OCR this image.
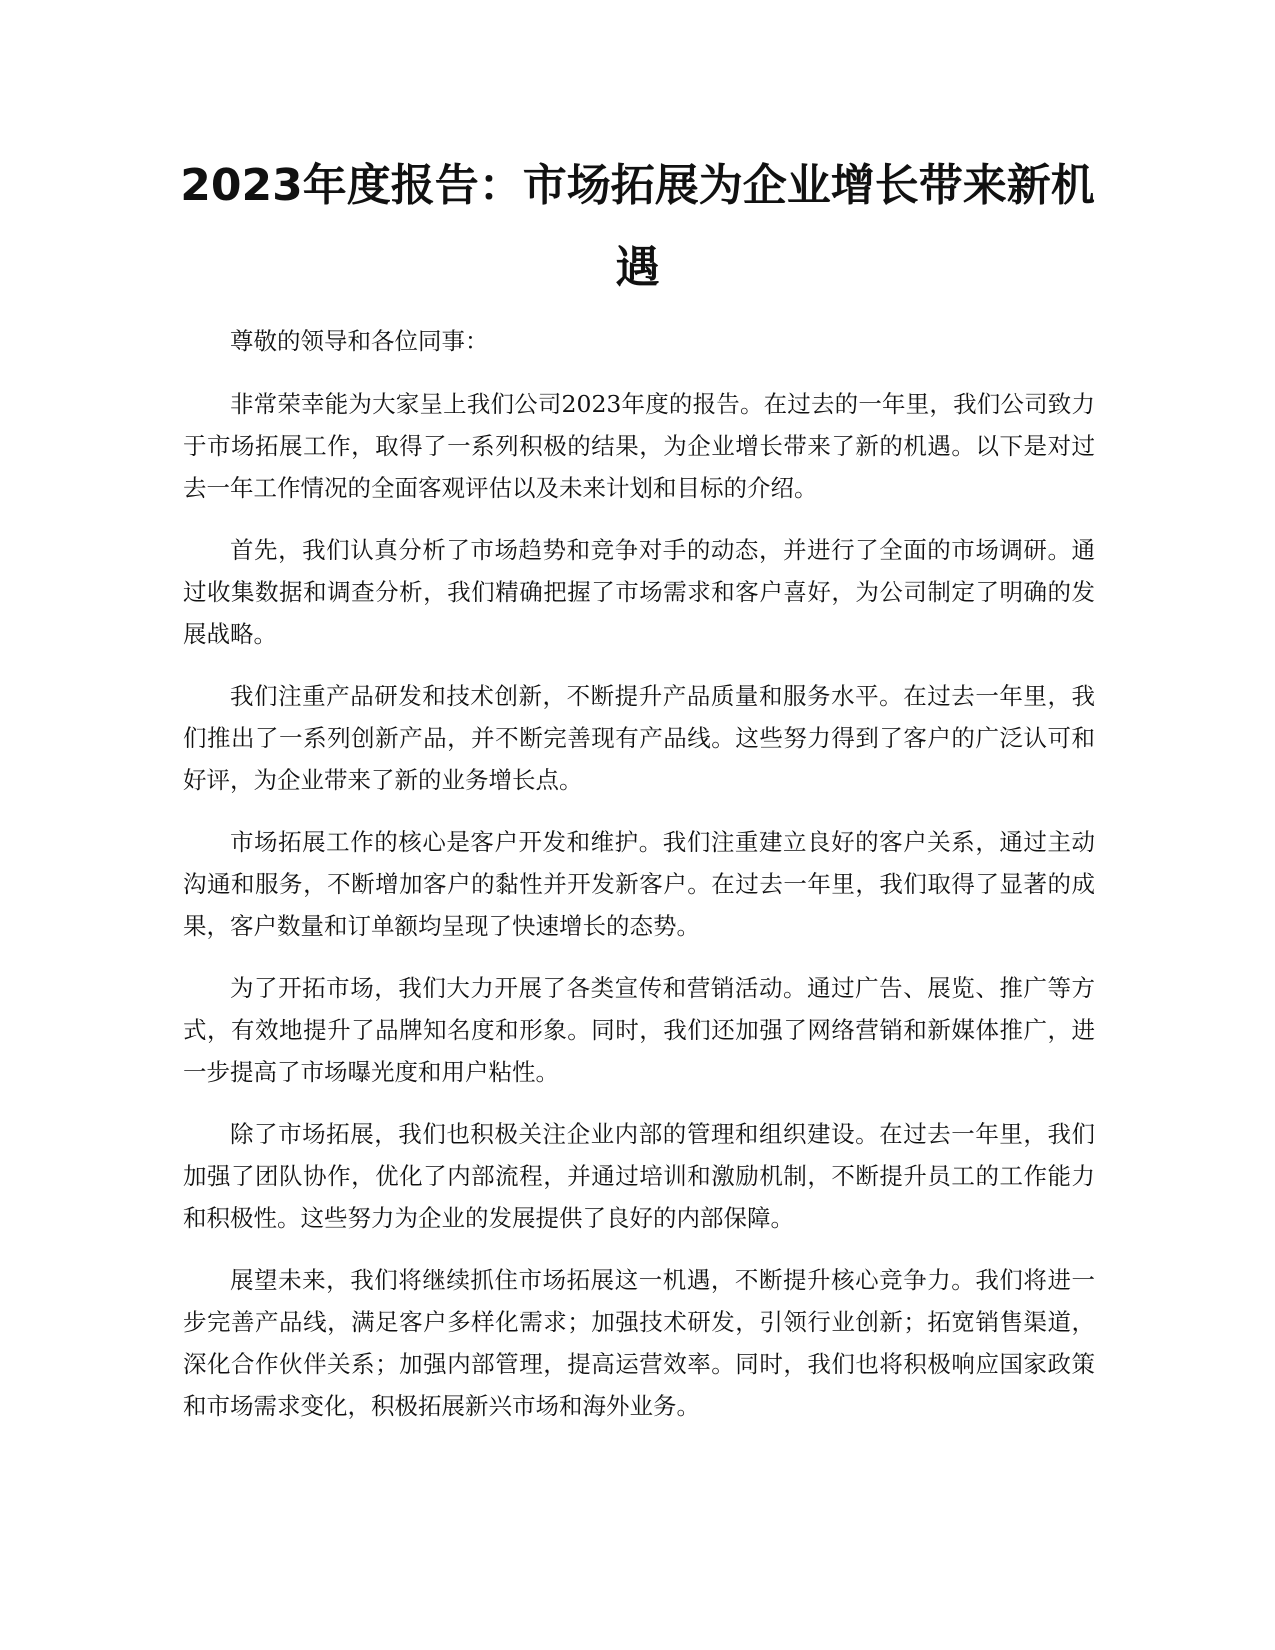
2023年度报告：市场拓展为企业增长带来新机遇

尊敬的领导和各位同事：

非常荣幸能为大家呈上我们公司2023年度的报告。在过去的一年里，我们公司致力于市场拓展工作，取得了一系列积极的结果，为企业增长带来了新的机遇。以下是对过去一年工作情况的全面客观评估以及未来计划和目标的介绍。

首先，我们认真分析了市场趋势和竞争对手的动态，并进行了全面的市场调研。通过收集数据和调查分析，我们精确把握了市场需求和客户喜好，为公司制定了明确的发展战略。

我们注重产品研发和技术创新，不断提升产品质量和服务水平。在过去一年里，我们推出了一系列创新产品，并不断完善现有产品线。这些努力得到了客户的广泛认可和好评，为企业带来了新的业务增长点。

市场拓展工作的核心是客户开发和维护。我们注重建立良好的客户关系，通过主动沟通和服务，不断增加客户的黏性并开发新客户。在过去一年里，我们取得了显著的成果，客户数量和订单额均呈现了快速增长的态势。

为了开拓市场，我们大力开展了各类宣传和营销活动。通过广告、展览、推广等方式，有效地提升了品牌知名度和形象。同时，我们还加强了网络营销和新媒体推广，进一步提高了市场曝光度和用户粘性。

除了市场拓展，我们也积极关注企业内部的管理和组织建设。在过去一年里，我们加强了团队协作，优化了内部流程，并通过培训和激励机制，不断提升员工的工作能力和积极性。这些努力为企业的发展提供了良好的内部保障。

展望未来，我们将继续抓住市场拓展这一机遇，不断提升核心竞争力。我们将进一步完善产品线，满足客户多样化需求；加强技术研发，引领行业创新；拓宽销售渠道，深化合作伙伴关系；加强内部管理，提高运营效率。同时，我们也将积极响应国家政策和市场需求变化，积极拓展新兴市场和海外业务。
